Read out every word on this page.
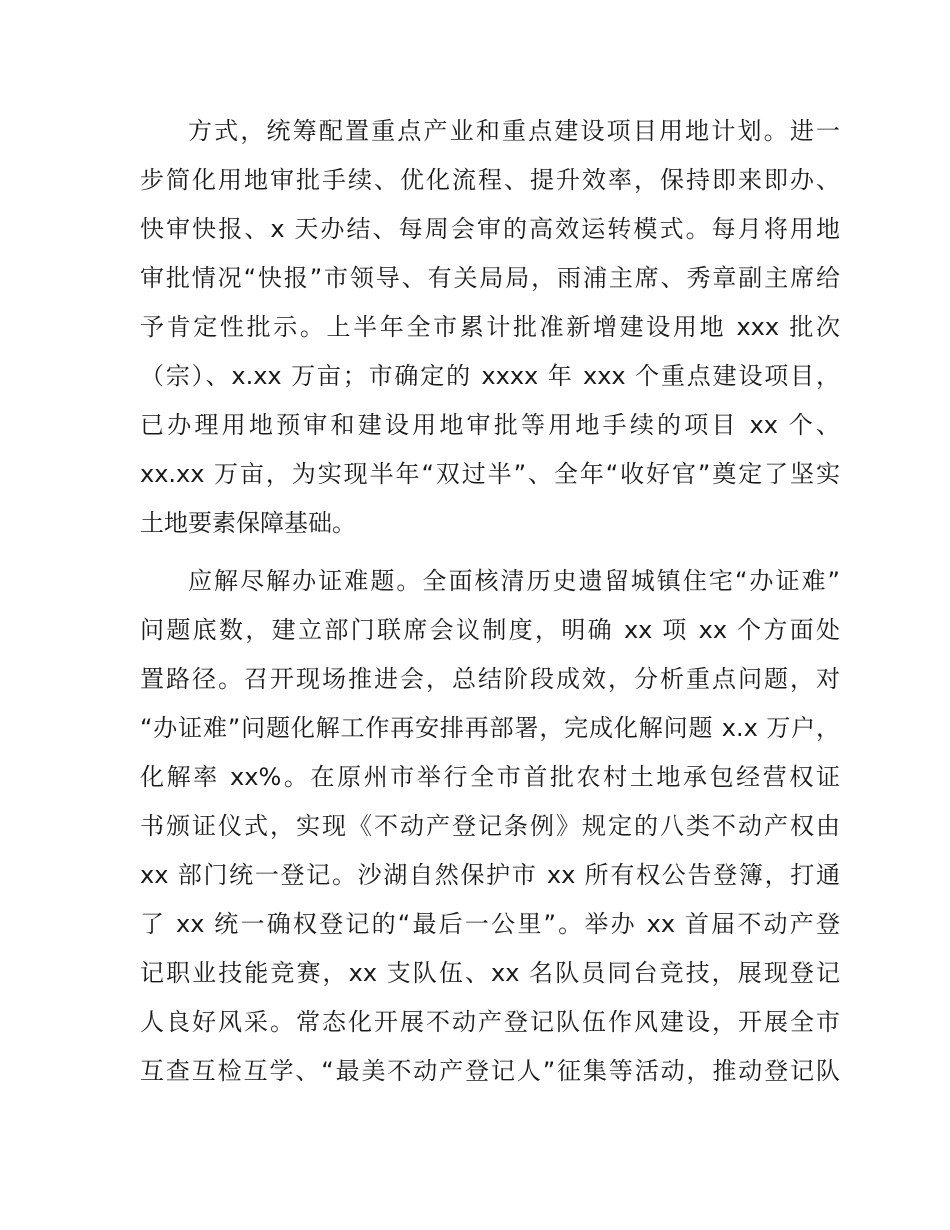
方式，统筹配置重点产业和重点建设项目用地计划。进一
步简化用地审批手续、优化流程、提升效率，保持即来即办、
快审快报、x 天办结、每周会审的高效运转模式。每月将用地
审批情况“快报”市领导、有关局局，雨浦主席、秀章副主席给
予肯定性批示。上半年全市累计批准新增建设用地 xxx 批次
（宗）、x.xx 万亩；市确定的 xxxx 年 xxx 个重点建设项目，
已办理用地预审和建设用地审批等用地手续的项目 xx 个、
xx.xx 万亩，为实现半年“双过半”、全年“收好官”奠定了坚实
土地要素保障基础。
应解尽解办证难题。全面核清历史遗留城镇住宅“办证难”
问题底数，建立部门联席会议制度，明确 xx 项 xx 个方面处
置路径。召开现场推进会，总结阶段成效，分析重点问题，对
“办证难”问题化解工作再安排再部署，完成化解问题 x.x 万户，
化解率 xx%。在原州市举行全市首批农村土地承包经营权证
书颁证仪式，实现《不动产登记条例》规定的八类不动产权由
xx 部门统一登记。沙湖自然保护市 xx 所有权公告登簿，打通
了 xx 统一确权登记的“最后一公里”。举办 xx 首届不动产登
记职业技能竞赛，xx 支队伍、xx 名队员同台竞技，展现登记
人良好风采。常态化开展不动产登记队伍作风建设，开展全市
互查互检互学、“最美不动产登记人”征集等活动，推动登记队
